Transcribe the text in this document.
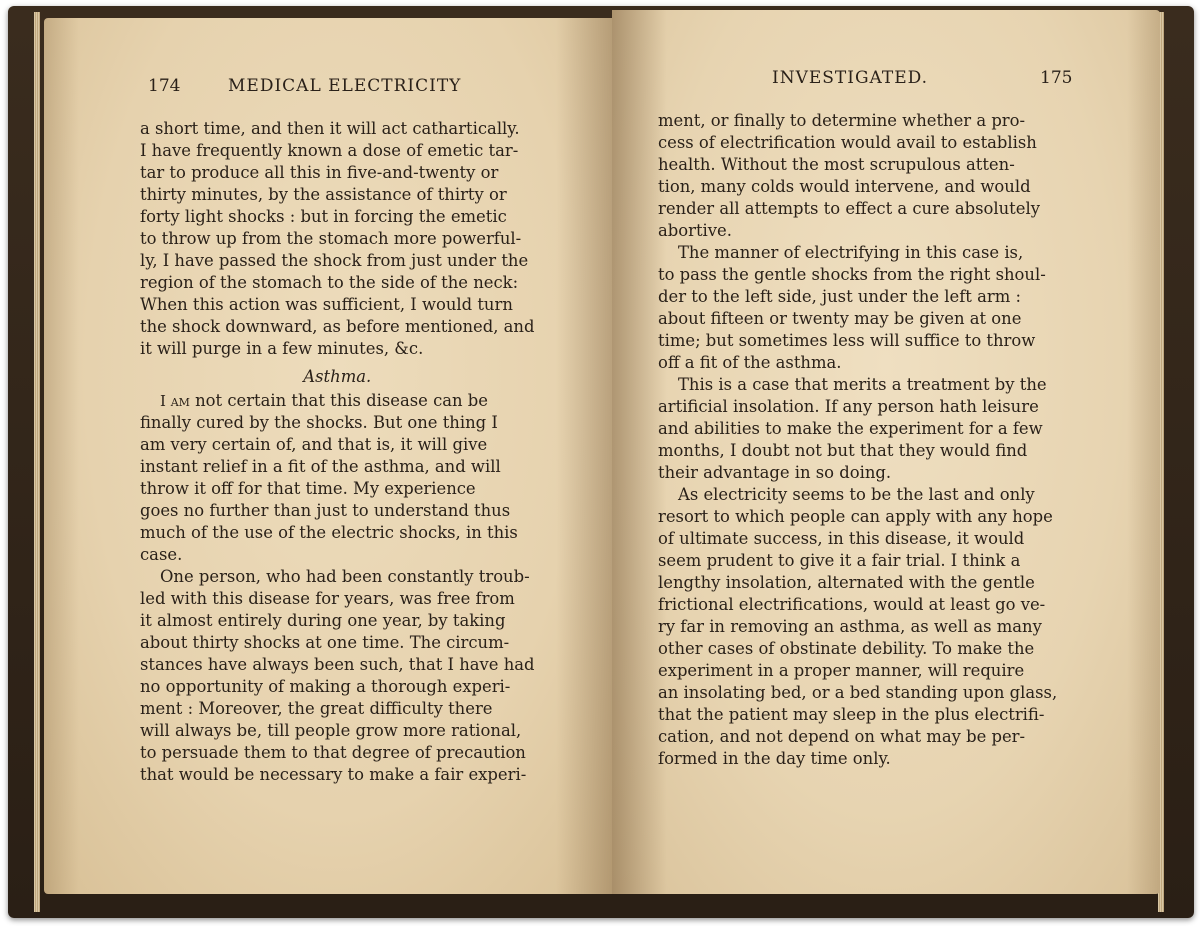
174	MEDICAL ELECTRICITY
a short time, and then it will act cathartically.
I have frequently known a dose of emetic tar-
tar to produce all this in five-and-twenty or
thirty minutes, by the assistance of thirty or
forty light shocks : but in forcing the emetic
to throw up from the stomach more powerful-
ly, I have passed the shock from just under the
region of the stomach to the side of the neck:
When this action was sufficient, I would turn
the shock downward, as before mentioned, and
it will purge in a few minutes, &c.
Asthma.
I am not certain that this disease can be
finally cured by the shocks. But one thing I
am very certain of, and that is, it will give
instant relief in a fit of the asthma, and will
throw it off for that time. My experience
goes no further than just to understand thus
much of the use of the electric shocks, in this
case.
One person, who had been constantly troub-
led with this disease for years, was free from
it almost entirely during one year, by taking
about thirty shocks at one time. The circum-
stances have always been such, that I have had
no opportunity of making a thorough experi-
ment : Moreover, the great difficulty there
will always be, till people grow more rational,
to persuade them to that degree of precaution
that would be necessary to make a fair experi-
INVESTIGATED.	175
ment, or finally to determine whether a pro-
cess of electrification would avail to establish
health. Without the most scrupulous atten-
tion, many colds would intervene, and would
render all attempts to effect a cure absolutely
abortive.
The manner of electrifying in this case is,
to pass the gentle shocks from the right shoul-
der to the left side, just under the left arm :
about fifteen or twenty may be given at one
time; but sometimes less will suffice to throw
off a fit of the asthma.
This is a case that merits a treatment by the
artificial insolation. If any person hath leisure
and abilities to make the experiment for a few
months, I doubt not but that they would find
their advantage in so doing.
As electricity seems to be the last and only
resort to which people can apply with any hope
of ultimate success, in this disease, it would
seem prudent to give it a fair trial. I think a
lengthy insolation, alternated with the gentle
frictional electrifications, would at least go ve-
ry far in removing an asthma, as well as many
other cases of obstinate debility. To make the
experiment in a proper manner, will require
an insolating bed, or a bed standing upon glass,
that the patient may sleep in the plus electrifi-
cation, and not depend on what may be per-
formed in the day time only.
